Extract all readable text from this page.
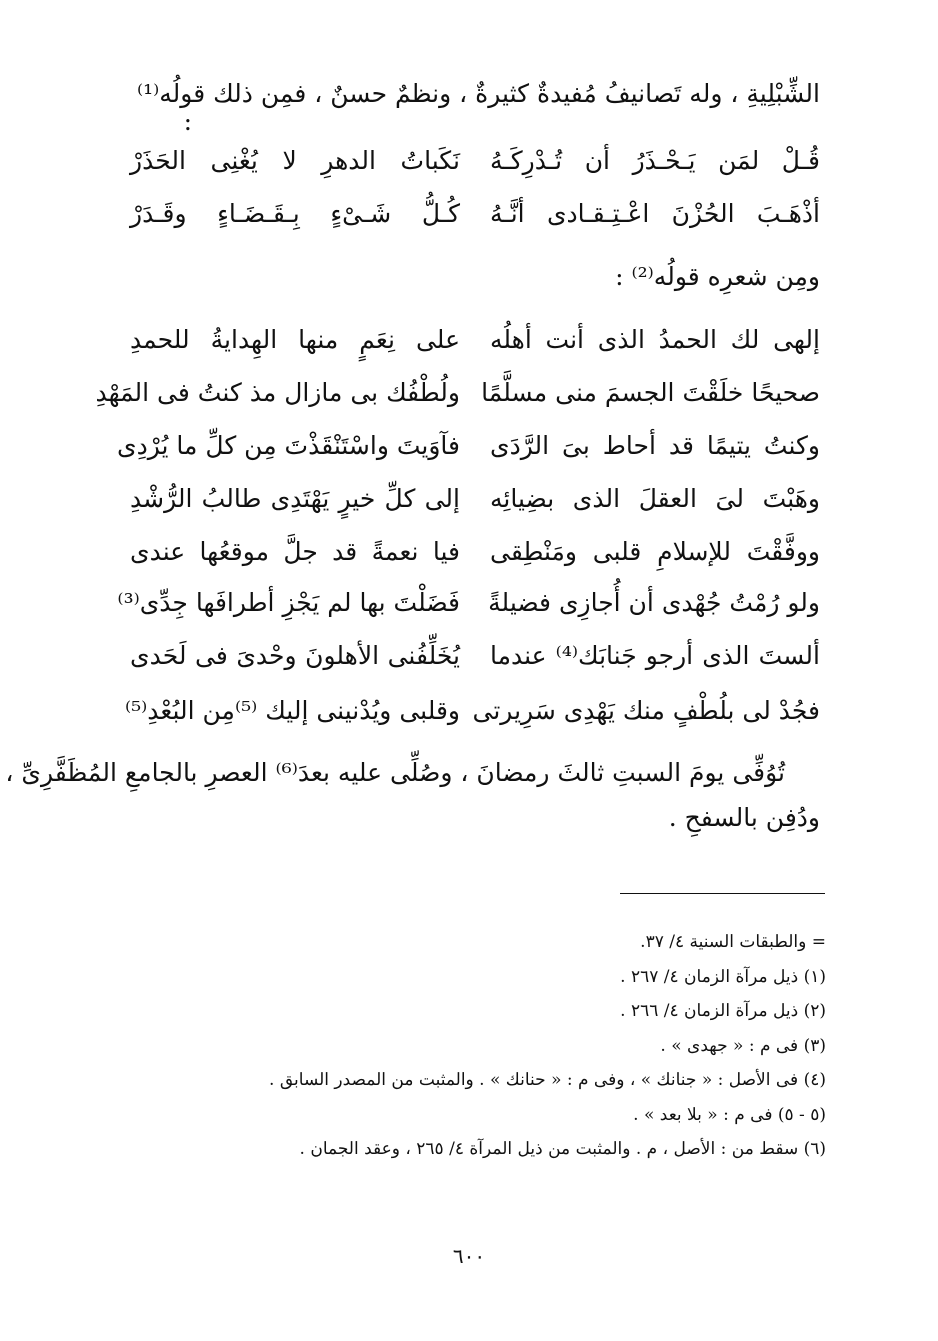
الشِّبْلِيةِ ، وله تَصانيفُ مُفيدةٌ كثيرةٌ ، ونظمٌ حسنٌ ، فمِن ذلك قولُه⁽¹⁾
:
قُـلْ لمَن يَـحْـذَرُ أن تُـدْرِكَـهُ
نَكَباتُ الدهرِ لا يُغْنِى الحَذَرْ
أذْهَـبَ الحُزْنَ اعْـتِـقـادى أنَّـهُ
كُـلُّ شَـىْءٍ بِـقَـضَـاءٍ وقَـدَرْ
ومِن شعرِه قولُه⁽²⁾ :
إلهى لك الحمدُ الذى أنت أهلُه
على نِعَمٍ منها الهِدايةُ للحمدِ
صحيحًا خلَقْتَ الجسمَ منى مسلَّمًا
ولُطْفُك بى مازال مذ كنتُ فى المَهْدِ
وكنتُ يتيمًا قد أحاط بىَ الرَّدَى
فآوَيتَ واسْتَنْقَذْتَ مِن كلِّ ما يُرْدِى
وهَبْتَ لىَ العقلَ الذى بضِيائِه
إلى كلِّ خيرٍ يَهْتَدِى طالبُ الرُّشْدِ
ووفَّقْتَ للإسلامِ قلبى ومَنْطِقى
فيا نعمةً قد جلَّ موقعُها عندى
ولو رُمْتُ جُهْدى أن أُجازِى فضيلةً
فَضَلْتَ بها لم يَجْزِ أطرافَها جِدِّى⁽³⁾
ألستَ الذى أرجو جَنابَك⁽⁴⁾ عندما
يُخَلِّفُنى الأهلونَ وحْدىَ فى لَحَدى
فجُدْ لى بلُطْفٍ منك يَهْدِى سَرِيرتى
وقلبى ويُدْنينى إليك ⁽⁵⁾مِن البُعْدِ⁽⁵⁾
تُوُفِّى يومَ السبتِ ثالثَ رمضانَ ، وصُلِّى عليه بعدَ⁽⁶⁾ العصرِ بالجامعِ المُظَفَّرِىِّ ،
ودُفِن بالسفحِ .
= والطبقات السنية ٤/ ٣٧.
(١) ذيل مرآة الزمان ٤/ ٢٦٧ .
(٢) ذيل مرآة الزمان ٤/ ٢٦٦ .
(٣) فى م : « جهدى » .
(٤) فى الأصل : « جنانك » ، وفى م : « حنانك » . والمثبت من المصدر السابق .
(٥ - ٥) فى م : « بلا بعد » .
(٦) سقط من : الأصل ، م . والمثبت من ذيل المرآة ٤/ ٢٦٥ ، وعقد الجمان .
٦٠٠
